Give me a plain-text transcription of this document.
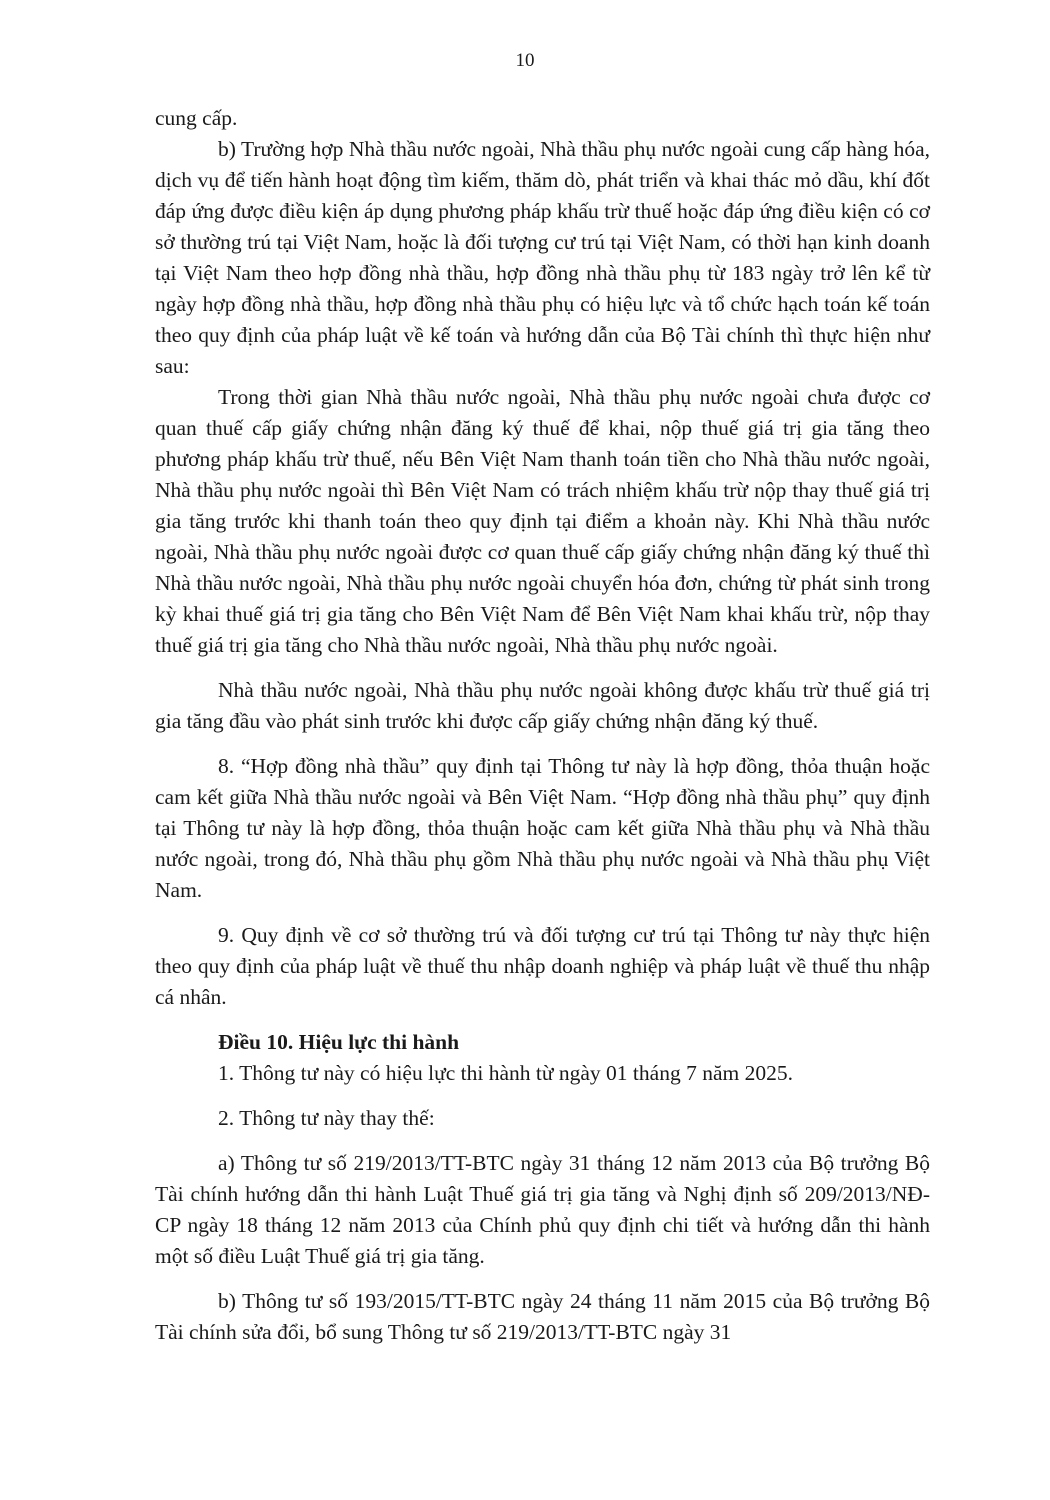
10

cung cấp.

b) Trường hợp Nhà thầu nước ngoài, Nhà thầu phụ nước ngoài cung cấp hàng hóa, dịch vụ để tiến hành hoạt động tìm kiếm, thăm dò, phát triển và khai thác mỏ dầu, khí đốt đáp ứng được điều kiện áp dụng phương pháp khấu trừ thuế hoặc đáp ứng điều kiện có cơ sở thường trú tại Việt Nam, hoặc là đối tượng cư trú tại Việt Nam, có thời hạn kinh doanh tại Việt Nam theo hợp đồng nhà thầu, hợp đồng nhà thầu phụ từ 183 ngày trở lên kể từ ngày hợp đồng nhà thầu, hợp đồng nhà thầu phụ có hiệu lực và tổ chức hạch toán kế toán theo quy định của pháp luật về kế toán và hướng dẫn của Bộ Tài chính thì thực hiện như sau:

Trong thời gian Nhà thầu nước ngoài, Nhà thầu phụ nước ngoài chưa được cơ quan thuế cấp giấy chứng nhận đăng ký thuế để khai, nộp thuế giá trị gia tăng theo phương pháp khấu trừ thuế, nếu Bên Việt Nam thanh toán tiền cho Nhà thầu nước ngoài, Nhà thầu phụ nước ngoài thì Bên Việt Nam có trách nhiệm khấu trừ nộp thay thuế giá trị gia tăng trước khi thanh toán theo quy định tại điểm a khoản này. Khi Nhà thầu nước ngoài, Nhà thầu phụ nước ngoài được cơ quan thuế cấp giấy chứng nhận đăng ký thuế thì Nhà thầu nước ngoài, Nhà thầu phụ nước ngoài chuyển hóa đơn, chứng từ phát sinh trong kỳ khai thuế giá trị gia tăng cho Bên Việt Nam để Bên Việt Nam khai khấu trừ, nộp thay thuế giá trị gia tăng cho Nhà thầu nước ngoài, Nhà thầu phụ nước ngoài.

Nhà thầu nước ngoài, Nhà thầu phụ nước ngoài không được khấu trừ thuế giá trị gia tăng đầu vào phát sinh trước khi được cấp giấy chứng nhận đăng ký thuế.

8. “Hợp đồng nhà thầu” quy định tại Thông tư này là hợp đồng, thỏa thuận hoặc cam kết giữa Nhà thầu nước ngoài và Bên Việt Nam. “Hợp đồng nhà thầu phụ” quy định tại Thông tư này là hợp đồng, thỏa thuận hoặc cam kết giữa Nhà thầu phụ và Nhà thầu nước ngoài, trong đó, Nhà thầu phụ gồm Nhà thầu phụ nước ngoài và Nhà thầu phụ Việt Nam.

9. Quy định về cơ sở thường trú và đối tượng cư trú tại Thông tư này thực hiện theo quy định của pháp luật về thuế thu nhập doanh nghiệp và pháp luật về thuế thu nhập cá nhân.

Điều 10. Hiệu lực thi hành

1. Thông tư này có hiệu lực thi hành từ ngày 01 tháng 7 năm 2025.

2. Thông tư này thay thế:

a) Thông tư số 219/2013/TT-BTC ngày 31 tháng 12 năm 2013 của Bộ trưởng Bộ Tài chính hướng dẫn thi hành Luật Thuế giá trị gia tăng và Nghị định số 209/2013/NĐ-CP ngày 18 tháng 12 năm 2013 của Chính phủ quy định chi tiết và hướng dẫn thi hành một số điều Luật Thuế giá trị gia tăng.

b) Thông tư số 193/2015/TT-BTC ngày 24 tháng 11 năm 2015 của Bộ trưởng Bộ Tài chính sửa đổi, bổ sung Thông tư số 219/2013/TT-BTC ngày 31
